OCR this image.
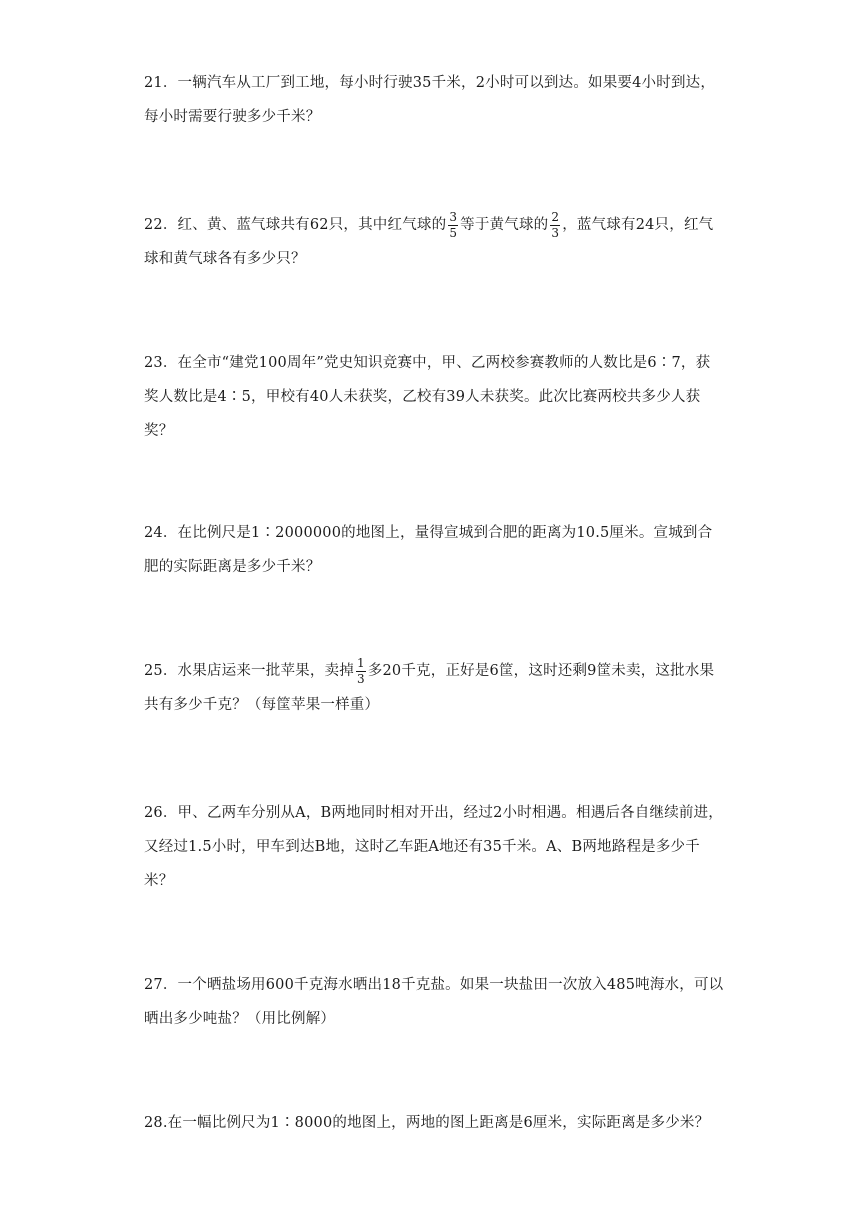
21．一辆汽车从工厂到工地，每小时行驶35千米，2小时可以到达。如果要4小时到达，每小时需要行驶多少千米？
22．红、黄、蓝气球共有62只，其中红气球的 $\frac{3}{5}$ 等于黄气球的 $\frac{2}{3}$ ，蓝气球有24只，红气球和黄气球各有多少只？
23．在全市“建党100周年”党史知识竞赛中，甲、乙两校参赛教师的人数比是6∶7，获奖人数比是4∶5，甲校有40人未获奖，乙校有39人未获奖。此次比赛两校共多少人获奖？
24．在比例尺是1∶2000000的地图上，量得宣城到合肥的距离为10.5厘米。宣城到合肥的实际距离是多少千米？
25．水果店运来一批苹果，卖掉 $\frac{1}{3}$ 多20千克，正好是6筐，这时还剩9筐未卖，这批水果共有多少千克？（每筐苹果一样重）
26．甲、乙两车分别从A，B两地同时相对开出，经过2小时相遇。相遇后各自继续前进，又经过1.5小时，甲车到达B地，这时乙车距A地还有35千米。A、B两地路程是多少千米？
27．一个晒盐场用600千克海水晒出18千克盐。如果一块盐田一次放入485吨海水，可以晒出多少吨盐？（用比例解）
28.在一幅比例尺为1∶8000的地图上，两地的图上距离是6厘米，实际距离是多少米？
